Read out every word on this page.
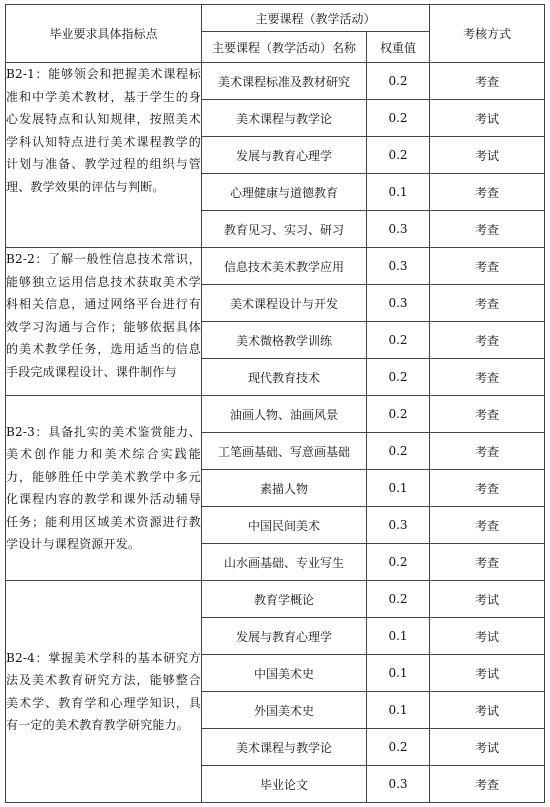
毕业要求具体指标点	主要课程（教学活动）		考核方式
	主要课程（教学活动）名称	权重值	
B2-1：能够领会和把握美术课程标准和中学美术教材，基于学生的身心发展特点和认知规律，按照美术学科认知特点进行美术课程教学的计划与准备、教学过程的组织与管理、教学效果的评估与判断。	美术课程标准及教材研究	0.2	考查
	美术课程与教学论	0.2	考试
	发展与教育心理学	0.2	考试
	心理健康与道德教育	0.1	考查
	教育见习、实习、研习	0.3	考查
B2-2：了解一般性信息技术常识，能够独立运用信息技术获取美术学科相关信息，通过网络平台进行有效学习沟通与合作；能够依据具体的美术教学任务，选用适当的信息手段完成课程设计、课件制作与	信息技术美术教学应用	0.3	考查
	美术课程设计与开发	0.3	考查
	美术微格教学训练	0.2	考查
	现代教育技术	0.2	考查
B2-3：具备扎实的美术鉴赏能力、美术创作能力和美术综合实践能力，能够胜任中学美术教学中多元化课程内容的教学和课外活动辅导任务；能利用区域美术资源进行教学设计与课程资源开发。	油画人物、油画风景	0.2	考查
	工笔画基础、写意画基础	0.2	考查
	素描人物	0.1	考查
	中国民间美术	0.3	考查
	山水画基础、专业写生	0.2	考查
B2-4：掌握美术学科的基本研究方法及美术教育研究方法，能够整合美术学、教育学和心理学知识，具有一定的美术教育教学研究能力。	教育学概论	0.2	考试
	发展与教育心理学	0.1	考试
	中国美术史	0.1	考试
	外国美术史	0.1	考试
	美术课程与教学论	0.2	考试
	毕业论文	0.3	考查
